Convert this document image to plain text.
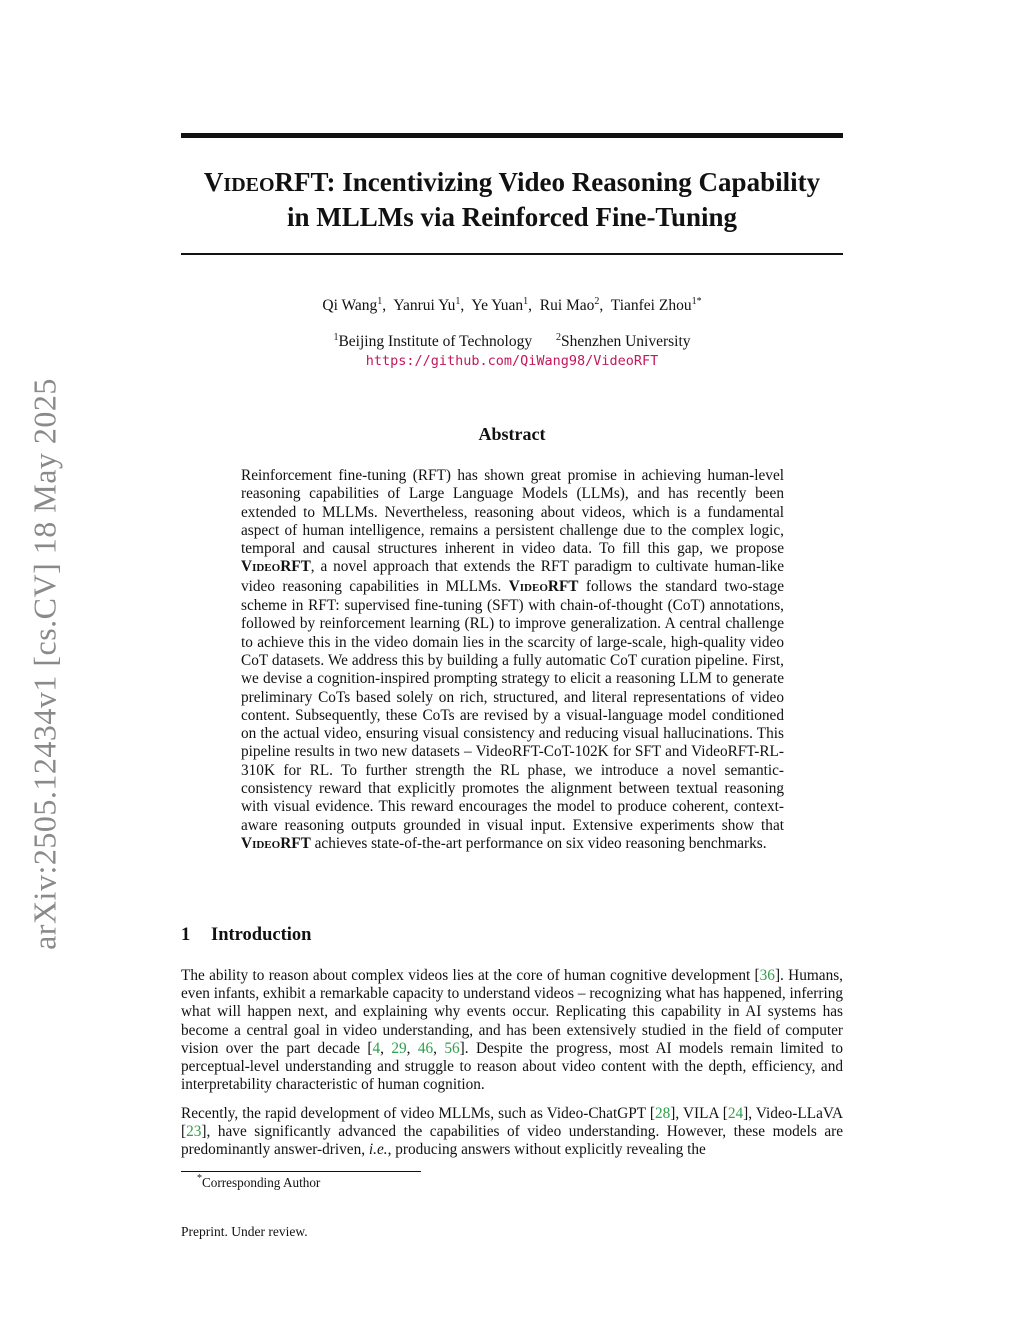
arXiv:2505.12434v1 [cs.CV] 18 May 2025
VIDEORFT: Incentivizing Video Reasoning Capability
in MLLMs via Reinforced Fine-Tuning
Qi Wang$^1$,  Yanrui Yu$^1$,  Ye Yuan$^1$,  Rui Mao$^2$,  Tianfei Zhou$^{1*}$
$^1$Beijing Institute of Technology $^2$Shenzhen University
https://github.com/QiWang98/VideoRFT
Abstract
Reinforcement fine-tuning (RFT) has shown great promise in achieving human-level reasoning capabilities of Large Language Models (LLMs), and has recently been extended to MLLMs. Nevertheless, reasoning about videos, which is a fundamental aspect of human intelligence, remains a persistent challenge due to the complex logic, temporal and causal structures inherent in video data. To fill this gap, we propose VIDEORFT, a novel approach that extends the RFT paradigm to cultivate human-like video reasoning capabilities in MLLMs. VIDEORFT follows the standard two-stage scheme in RFT: supervised fine-tuning (SFT) with chain-of-thought (CoT) annotations, followed by reinforcement learning (RL) to improve generalization. A central challenge to achieve this in the video domain lies in the scarcity of large-scale, high-quality video CoT datasets. We address this by building a fully automatic CoT curation pipeline. First, we devise a cognition-inspired prompting strategy to elicit a reasoning LLM to generate preliminary CoTs based solely on rich, structured, and literal representations of video content. Subsequently, these CoTs are revised by a visual-language model conditioned on the actual video, ensuring visual consistency and reducing visual hallucinations. This pipeline results in two new datasets – VideoRFT-CoT-102K for SFT and VideoRFT-RL-310K for RL. To further strength the RL phase, we introduce a novel semantic-consistency reward that explicitly promotes the alignment between textual reasoning with visual evidence. This reward encourages the model to produce coherent, context-aware reasoning outputs grounded in visual input. Extensive experiments show that VIDEORFT achieves state-of-the-art performance on six video reasoning benchmarks.
1 Introduction
The ability to reason about complex videos lies at the core of human cognitive development [36]. Humans, even infants, exhibit a remarkable capacity to understand videos – recognizing what has happened, inferring what will happen next, and explaining why events occur. Replicating this capability in AI systems has become a central goal in video understanding, and has been extensively studied in the field of computer vision over the part decade [4, 29, 46, 56]. Despite the progress, most AI models remain limited to perceptual-level understanding and struggle to reason about video content with the depth, efficiency, and interpretability characteristic of human cognition.
Recently, the rapid development of video MLLMs, such as Video-ChatGPT [28], VILA [24], Video-LLaVA [23], have significantly advanced the capabilities of video understanding. However, these models are predominantly answer-driven, i.e., producing answers without explicitly revealing the
*Corresponding Author
Preprint. Under review.
